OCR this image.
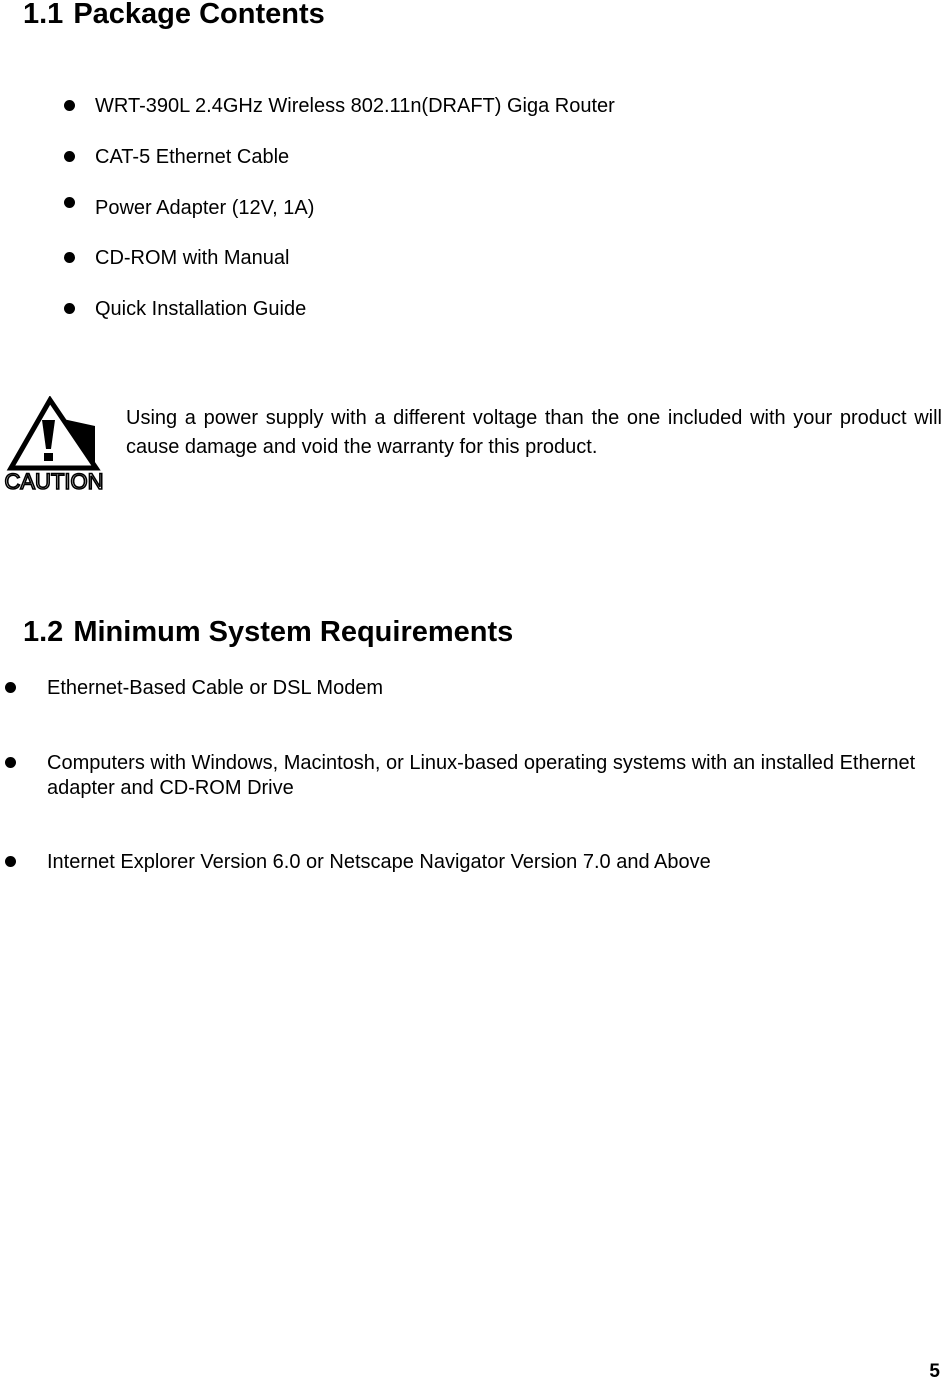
1.1 Package Contents
WRT-390L 2.4GHz Wireless 802.11n(DRAFT) Giga Router
CAT-5 Ethernet Cable
Power Adapter (12V, 1A)
CD-ROM with Manual
Quick Installation Guide
CAUTION

Using a power supply with a different voltage than the one included with your product will cause damage and void the warranty for this product.

1.2 Minimum System Requirements
Ethernet-Based Cable or DSL Modem
Computers with Windows, Macintosh, or Linux-based operating systems with an installed Ethernet adapter and CD-ROM Drive
Internet Explorer Version 6.0 or Netscape Navigator Version 7.0 and Above
5
